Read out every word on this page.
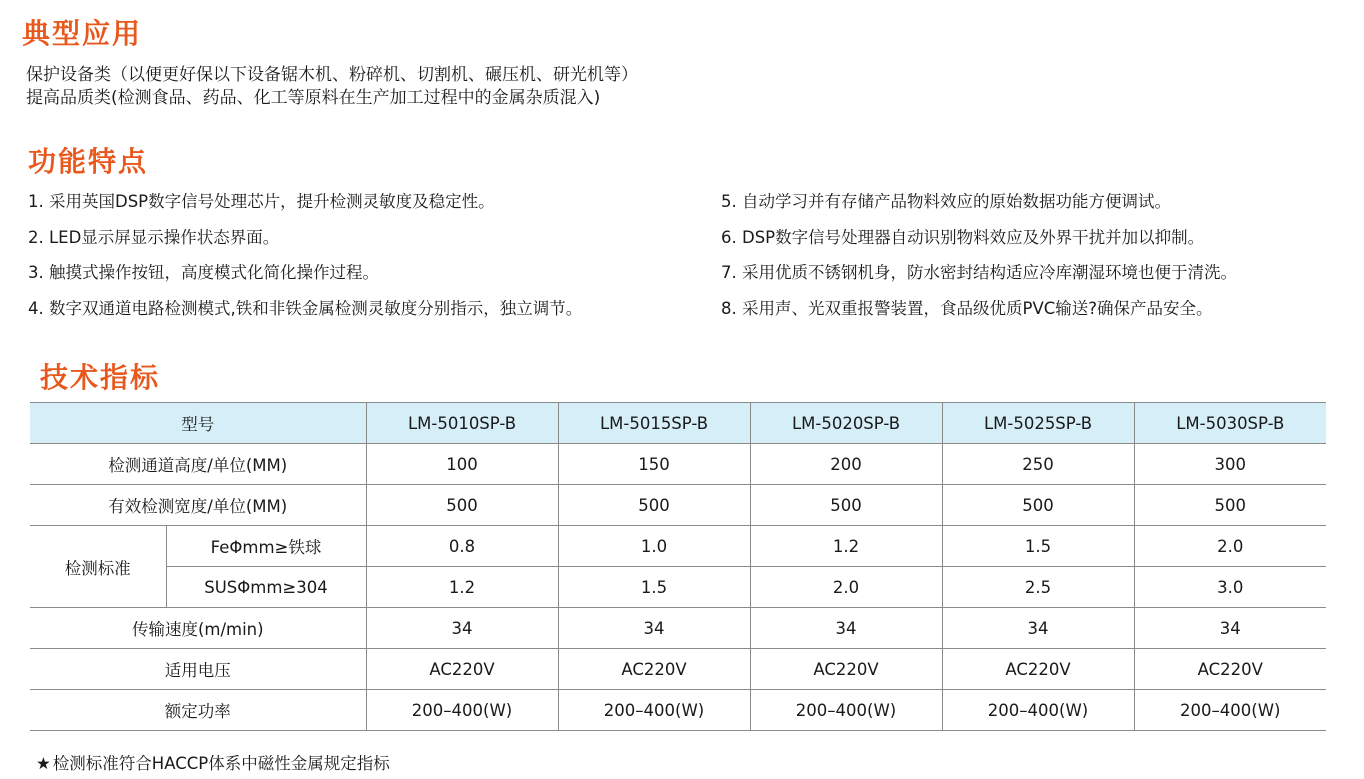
典型应用
保护设备类（以便更好保以下设备锯木机、粉碎机、切割机、碾压机、研光机等）
提高品质类(检测食品、药品、化工等原料在生产加工过程中的金属杂质混入)
功能特点
1. 采用英国DSP数字信号处理芯片，提升检测灵敏度及稳定性。
2. LED显示屏显示操作状态界面。
3. 触摸式操作按钮，高度模式化简化操作过程。
4. 数字双通道电路检测模式,铁和非铁金属检测灵敏度分别指示，独立调节。
5. 自动学习并有存储产品物料效应的原始数据功能方便调试。
6. DSP数字信号处理器自动识别物料效应及外界干扰并加以抑制。
7. 采用优质不锈钢机身，防水密封结构适应冷库潮湿环境也便于清洗。
8. 采用声、光双重报警装置，食品级优质PVC输送?确保产品安全。
技术指标
型号		LM-5010SP-B	LM-5015SP-B	LM-5020SP-B	LM-5025SP-B	LM-5030SP-B
检测通道高度/单位(MM)		100	150	200	250	300
有效检测宽度/单位(MM)		500	500	500	500	500
检测标准	FeΦmm≥铁球	0.8	1.0	1.2	1.5	2.0
	SUSΦmm≥304	1.2	1.5	2.0	2.5	3.0
传输速度(m/min)		34	34	34	34	34
适用电压		AC220V	AC220V	AC220V	AC220V	AC220V
额定功率		200–400(W)	200–400(W)	200–400(W)	200–400(W)	200–400(W)
★ 检测标准符合HACCP体系中磁性金属规定指标
